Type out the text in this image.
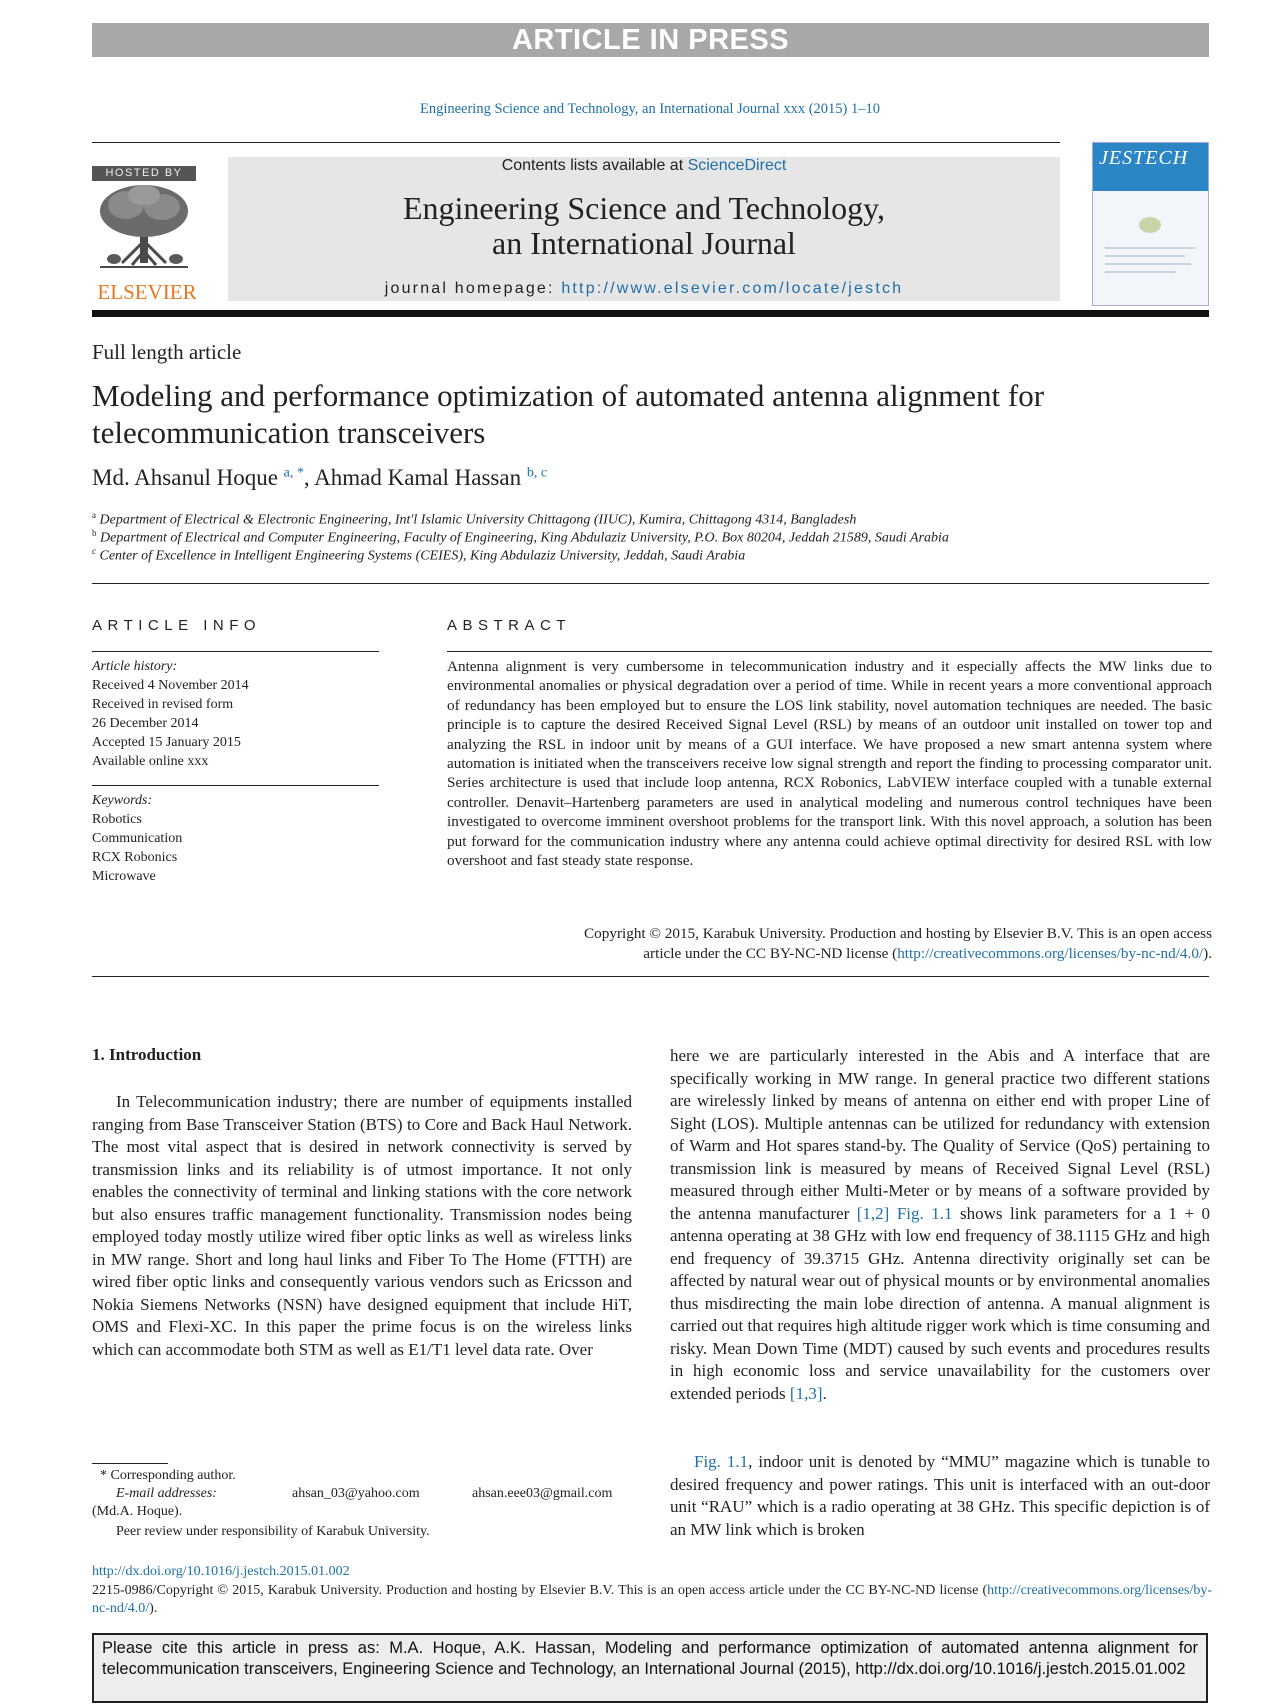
ARTICLE IN PRESS
Engineering Science and Technology, an International Journal xxx (2015) 1–10
HOSTED BY
ELSEVIER
Contents lists available at ScienceDirect
Engineering Science and Technology,
an International Journal
journal homepage: http://www.elsevier.com/locate/jestch
JESTECH
Full length article
Modeling and performance optimization of automated antenna alignment for telecommunication transceivers
Md. Ahsanul Hoque $^{a, *}$, Ahmad Kamal Hassan $^{b, c}$
$^a$ Department of Electrical & Electronic Engineering, Int'l Islamic University Chittagong (IIUC), Kumira, Chittagong 4314, Bangladesh
$^b$ Department of Electrical and Computer Engineering, Faculty of Engineering, King Abdulaziz University, P.O. Box 80204, Jeddah 21589, Saudi Arabia
$^c$ Center of Excellence in Intelligent Engineering Systems (CEIES), King Abdulaziz University, Jeddah, Saudi Arabia
ARTICLE INFO
Article history:
Received 4 November 2014
Received in revised form
26 December 2014
Accepted 15 January 2015
Available online xxx
Keywords:
Robotics
Communication
RCX Robonics
Microwave
ABSTRACT
Antenna alignment is very cumbersome in telecommunication industry and it especially affects the MW links due to environmental anomalies or physical degradation over a period of time. While in recent years a more conventional approach of redundancy has been employed but to ensure the LOS link stability, novel automation techniques are needed. The basic principle is to capture the desired Received Signal Level (RSL) by means of an outdoor unit installed on tower top and analyzing the RSL in indoor unit by means of a GUI interface. We have proposed a new smart antenna system where automation is initiated when the transceivers receive low signal strength and report the finding to processing comparator unit. Series architecture is used that include loop antenna, RCX Robonics, LabVIEW interface coupled with a tunable external controller. Denavit–Hartenberg parameters are used in analytical modeling and numerous control techniques have been investigated to overcome imminent overshoot problems for the transport link. With this novel approach, a solution has been put forward for the communication industry where any antenna could achieve optimal directivity for desired RSL with low overshoot and fast steady state response.
Copyright © 2015, Karabuk University. Production and hosting by Elsevier B.V. This is an open access
article under the CC BY-NC-ND license (http://creativecommons.org/licenses/by-nc-nd/4.0/).
1. Introduction
In Telecommunication industry; there are number of equipments installed ranging from Base Transceiver Station (BTS) to Core and Back Haul Network. The most vital aspect that is desired in network connectivity is served by transmission links and its reliability is of utmost importance. It not only enables the connectivity of terminal and linking stations with the core network but also ensures traffic management functionality. Transmission nodes being employed today mostly utilize wired fiber optic links as well as wireless links in MW range. Short and long haul links and Fiber To The Home (FTTH) are wired fiber optic links and consequently various vendors such as Ericsson and Nokia Siemens Networks (NSN) have designed equipment that include HiT, OMS and Flexi-XC. In this paper the prime focus is on the wireless links which can accommodate both STM as well as E1/T1 level data rate. Over
here we are particularly interested in the Abis and A interface that are specifically working in MW range. In general practice two different stations are wirelessly linked by means of antenna on either end with proper Line of Sight (LOS). Multiple antennas can be utilized for redundancy with extension of Warm and Hot spares stand-by. The Quality of Service (QoS) pertaining to transmission link is measured by means of Received Signal Level (RSL) measured through either Multi-Meter or by means of a software provided by the antenna manufacturer [1,2] Fig. 1.1 shows link parameters for a 1 + 0 antenna operating at 38 GHz with low end frequency of 38.1115 GHz and high end frequency of 39.3715 GHz. Antenna directivity originally set can be affected by natural wear out of physical mounts or by environmental anomalies thus misdirecting the main lobe direction of antenna. A manual alignment is carried out that requires high altitude rigger work which is time consuming and risky. Mean Down Time (MDT) caused by such events and procedures results in high economic loss and service unavailability for the customers over extended periods [1,3].
Fig. 1.1, indoor unit is denoted by “MMU” magazine which is tunable to desired frequency and power ratings. This unit is interfaced with an out-door unit “RAU” which is a radio operating at 38 GHz. This specific depiction is of an MW link which is broken
* Corresponding author.
E-mail addresses:	ahsan_03@yahoo.com	ahsan.eee03@gmail.com
(Md.A. Hoque).
Peer review under responsibility of Karabuk University.
http://dx.doi.org/10.1016/j.jestch.2015.01.002
2215-0986/Copyright © 2015, Karabuk University. Production and hosting by Elsevier B.V. This is an open access article under the CC BY-NC-ND license (http://creativecommons.org/licenses/by-nc-nd/4.0/).
Please cite this article in press as: M.A. Hoque, A.K. Hassan, Modeling and performance optimization of automated antenna alignment for telecommunication transceivers, Engineering Science and Technology, an International Journal (2015), http://dx.doi.org/10.1016/j.jestch.2015.01.002
